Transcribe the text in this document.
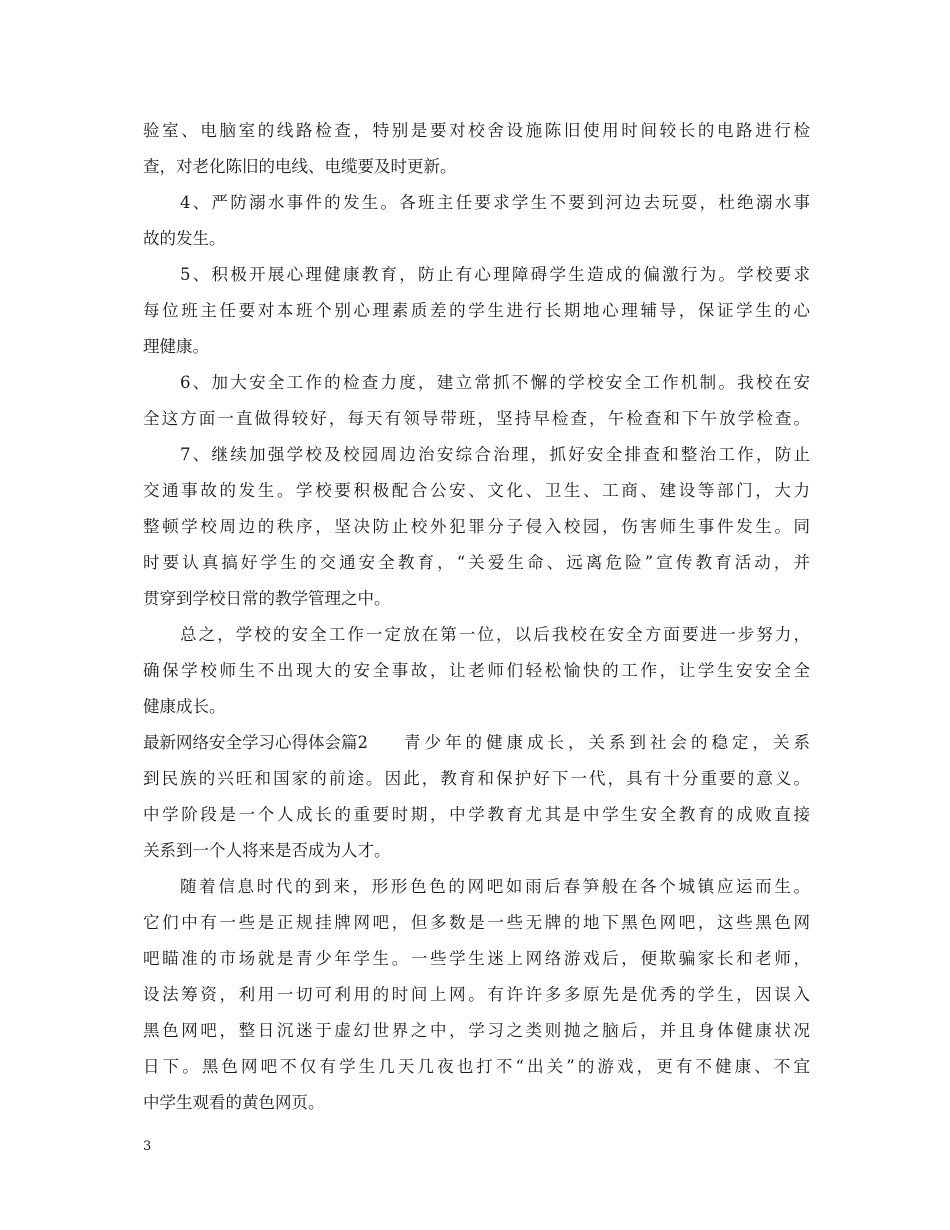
验室、电脑室的线路检查，特别是要对校舍设施陈旧使用时间较长的电路进行检
查，对老化陈旧的电线、电缆要及时更新。
4、严防溺水事件的发生。各班主任要求学生不要到河边去玩耍，杜绝溺水事
故的发生。
5、积极开展心理健康教育，防止有心理障碍学生造成的偏激行为。学校要求
每位班主任要对本班个别心理素质差的学生进行长期地心理辅导，保证学生的心
理健康。
6、加大安全工作的检查力度，建立常抓不懈的学校安全工作机制。我校在安
全这方面一直做得较好，每天有领导带班，坚持早检查，午检查和下午放学检查。
7、继续加强学校及校园周边治安综合治理，抓好安全排查和整治工作，防止
交通事故的发生。学校要积极配合公安、文化、卫生、工商、建设等部门，大力
整顿学校周边的秩序，坚决防止校外犯罪分子侵入校园，伤害师生事件发生。同
时要认真搞好学生的交通安全教育，“关爱生命、远离危险”宣传教育活动，并
贯穿到学校日常的教学管理之中。
总之，学校的安全工作一定放在第一位，以后我校在安全方面要进一步努力，
确保学校师生不出现大的安全事故，让老师们轻松愉快的工作，让学生安安全全
健康成长。
最新网络安全学习心得体会篇2 青少年的健康成长，关系到社会的稳定，关系
到民族的兴旺和国家的前途。因此，教育和保护好下一代，具有十分重要的意义。
中学阶段是一个人成长的重要时期，中学教育尤其是中学生安全教育的成败直接
关系到一个人将来是否成为人才。
随着信息时代的到来，形形色色的网吧如雨后春笋般在各个城镇应运而生。
它们中有一些是正规挂牌网吧，但多数是一些无牌的地下黑色网吧，这些黑色网
吧瞄准的市场就是青少年学生。一些学生迷上网络游戏后，便欺骗家长和老师，
设法筹资，利用一切可利用的时间上网。有许许多多原先是优秀的学生，因误入
黑色网吧，整日沉迷于虚幻世界之中，学习之类则抛之脑后，并且身体健康状况
日下。黑色网吧不仅有学生几天几夜也打不“出关”的游戏，更有不健康、不宜
中学生观看的黄色网页。
3
